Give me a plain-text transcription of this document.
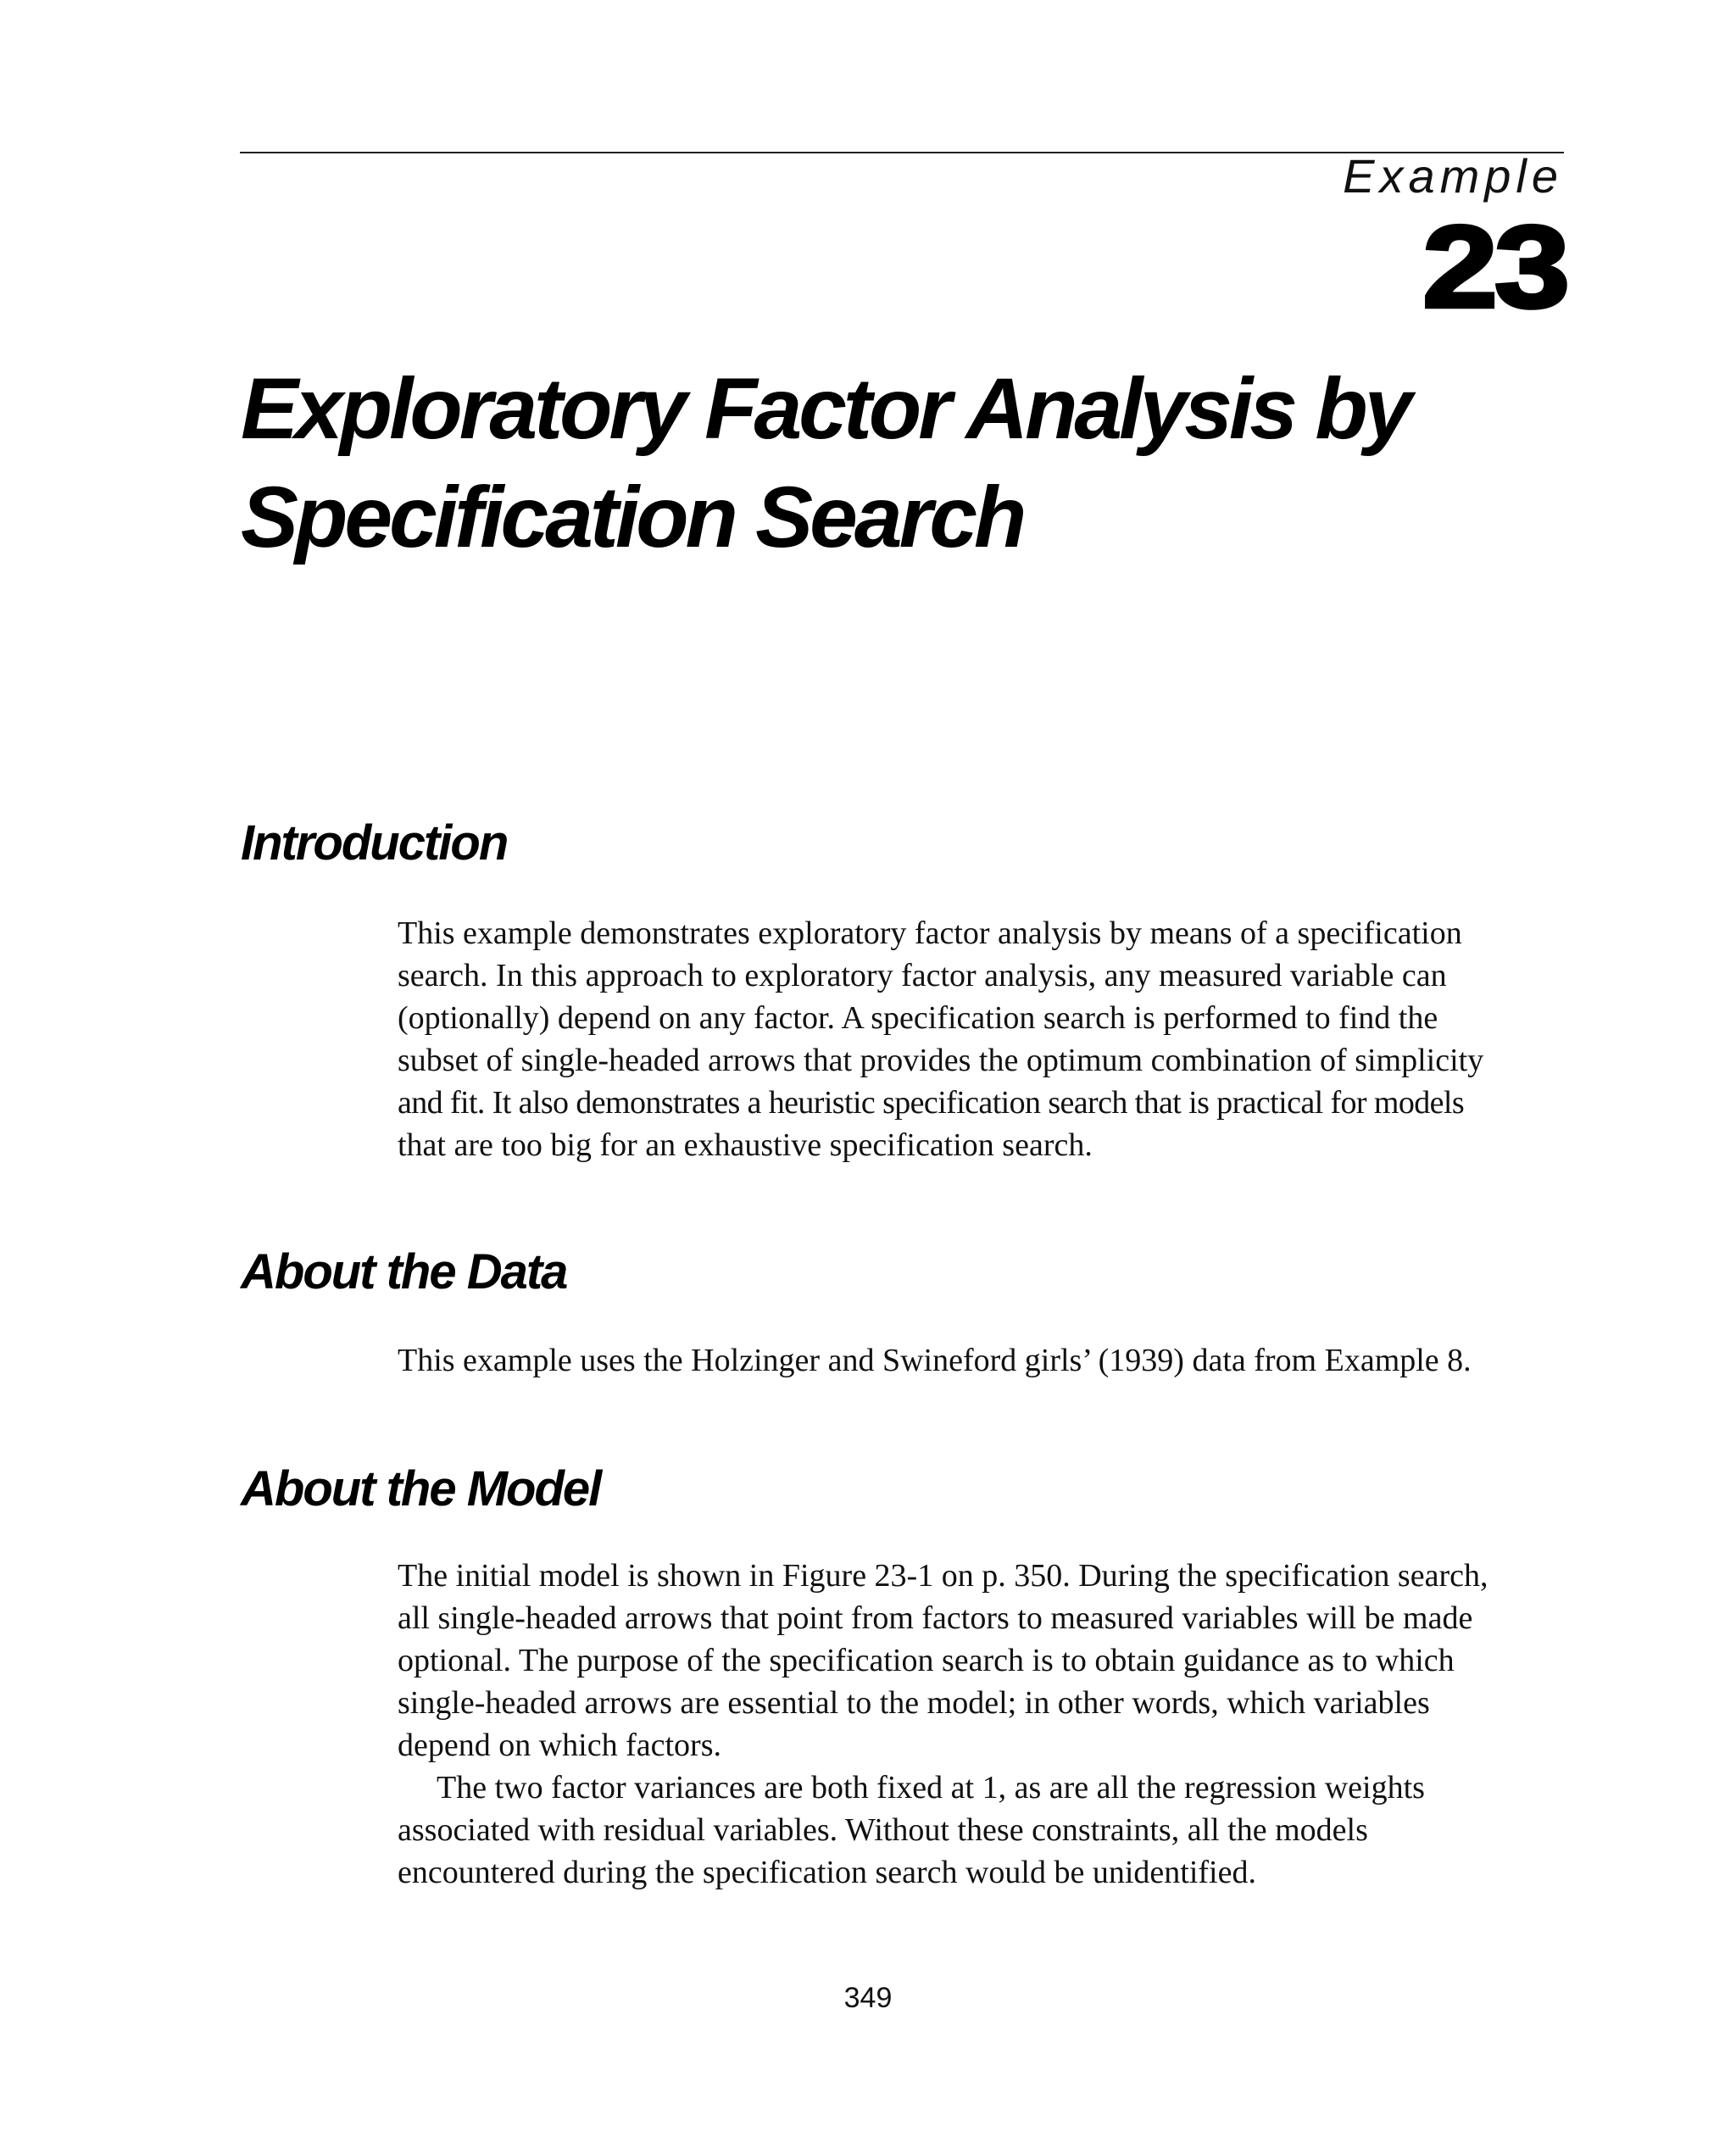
Example
23
Exploratory Factor Analysis by
Specification Search
Introduction

This example demonstrates exploratory factor analysis by means of a specification
search. In this approach to exploratory factor analysis, any measured variable can
(optionally) depend on any factor. A specification search is performed to find the
subset of single-headed arrows that provides the optimum combination of simplicity
and fit. It also demonstrates a heuristic specification search that is practical for models
that are too big for an exhaustive specification search.

About the Data

This example uses the Holzinger and Swineford girls’ (1939) data from Example 8.

About the Model

The initial model is shown in Figure 23-1 on p. 350. During the specification search,
all single-headed arrows that point from factors to measured variables will be made
optional. The purpose of the specification search is to obtain guidance as to which
single-headed arrows are essential to the model; in other words, which variables
depend on which factors.
The two factor variances are both fixed at 1, as are all the regression weights
associated with residual variables. Without these constraints, all the models
encountered during the specification search would be unidentified.

349
